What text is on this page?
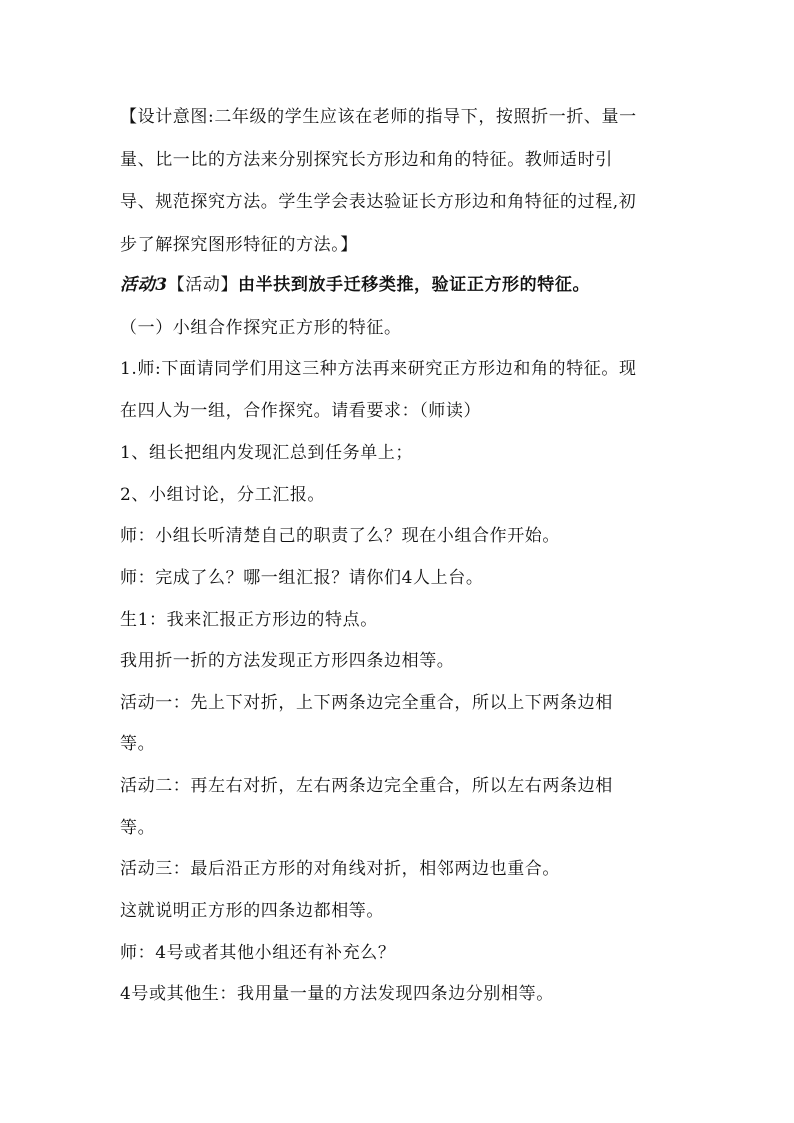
【设计意图:二年级的学生应该在老师的指导下，按照折一折、量一
量、比一比的方法来分别探究长方形边和角的特征。教师适时引
导、规范探究方法。学生学会表达验证长方形边和角特征的过程,初
步了解探究图形特征的方法。】
活动3【活动】由半扶到放手迁移类推，验证正方形的特征。
（一）小组合作探究正方形的特征。
1.师:下面请同学们用这三种方法再来研究正方形边和角的特征。现
在四人为一组，合作探究。请看要求：（师读）
1、组长把组内发现汇总到任务单上；
2、小组讨论，分工汇报。
师：小组长听清楚自己的职责了么？现在小组合作开始。
师：完成了么？哪一组汇报？请你们4人上台。
生1：我来汇报正方形边的特点。
我用折一折的方法发现正方形四条边相等。
活动一：先上下对折，上下两条边完全重合，所以上下两条边相
等。
活动二：再左右对折，左右两条边完全重合，所以左右两条边相
等。
活动三：最后沿正方形的对角线对折，相邻两边也重合。
这就说明正方形的四条边都相等。
师：4号或者其他小组还有补充么？
4号或其他生：我用量一量的方法发现四条边分别相等。
